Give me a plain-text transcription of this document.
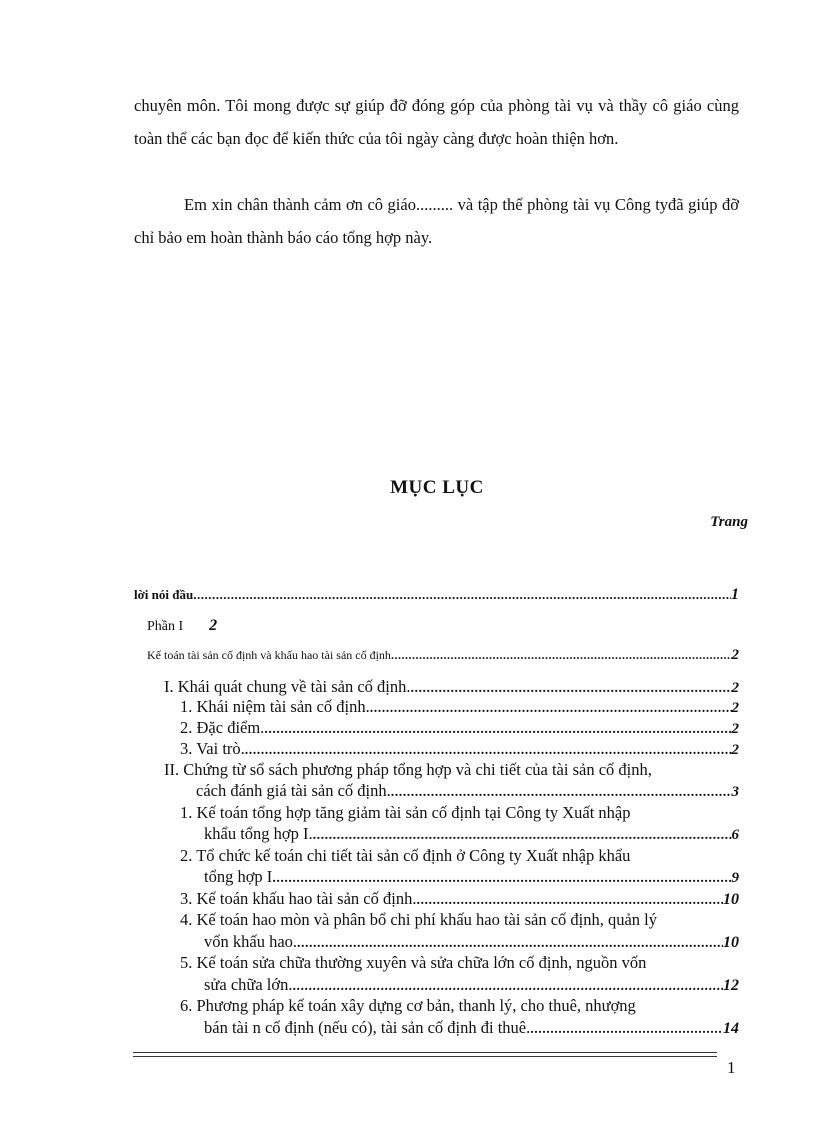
chuyên môn. Tôi mong được sự giúp đỡ đóng góp của phòng tài vụ và thầy cô giáo cùng toàn thể các bạn đọc để kiến thức của tôi ngày càng được hoàn thiện hơn.

Em xin chân thành cảm ơn cô giáo......... và tập thể phòng tài vụ Công tyđã giúp đỡ chỉ bảo em hoàn thành báo cáo tổng hợp này.

MỤC LỤC
Trang
lời nói đầu .....	1
Phần I 2
Kế toán tài sản cố định và khấu hao tài sản cố định .....	2
I. Khái quát chung về tài sản cố định. .....	2
1. Khái niệm tài sản cố định. .....	2
2. Đặc điểm. .....	2
3. Vai trò. .....	2
II. Chứng từ sổ sách phương pháp tổng hợp và chi tiết của tài sản cố định,
cách đánh giá tài sản cố định. .....	3
1. Kế toán tổng hợp tăng giảm tài sản cố định tại Công ty Xuất nhập
khẩu tổng hợp I. .....	6
2. Tổ chức kế toán chi tiết tài sản cố định ở Công ty Xuất nhập khẩu
tổng hợp I .....	9
3. Kế toán khấu hao tài sản cố định. .....	10
4. Kế toán hao mòn và phân bổ chi phí khấu hao tài sản cố định, quản lý
vốn khấu hao. .....	10
5. Kế toán sửa chữa thường xuyên và sửa chữa lớn cố định, nguồn vốn
sửa chữa lớn. .....	12
6. Phương pháp kế toán xây dựng cơ bản, thanh lý, cho thuê, nhượng
bán tài n cố định (nếu có), tài sản cố định đi thuê. .....	14
1
